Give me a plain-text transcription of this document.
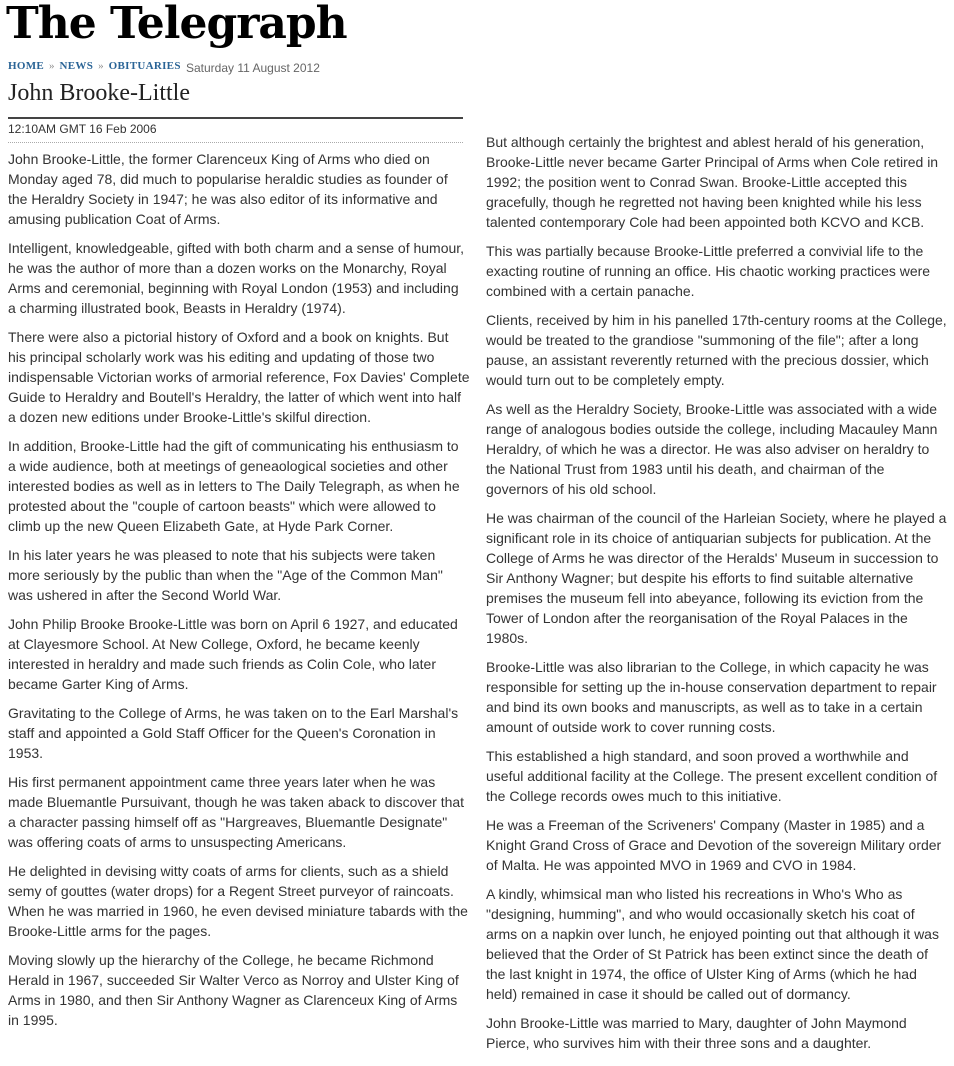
The Telegraph
HOME » NEWS » OBITUARIES Saturday 11 August 2012
John Brooke-Little
12:10AM GMT 16 Feb 2006

John Brooke-Little, the former Clarenceux King of Arms who died on Monday aged 78, did much to popularise heraldic studies as founder of the Heraldry Society in 1947; he was also editor of its informative and amusing publication Coat of Arms.

Intelligent, knowledgeable, gifted with both charm and a sense of humour, he was the author of more than a dozen works on the Monarchy, Royal Arms and ceremonial, beginning with Royal London (1953) and including a charming illustrated book, Beasts in Heraldry (1974).

There were also a pictorial history of Oxford and a book on knights. But his principal scholarly work was his editing and updating of those two indispensable Victorian works of armorial reference, Fox Davies' Complete Guide to Heraldry and Boutell's Heraldry, the latter of which went into half a dozen new editions under Brooke-Little's skilful direction.

In addition, Brooke-Little had the gift of communicating his enthusiasm to a wide audience, both at meetings of geneaological societies and other interested bodies as well as in letters to The Daily Telegraph, as when he protested about the "couple of cartoon beasts" which were allowed to climb up the new Queen Elizabeth Gate, at Hyde Park Corner.

In his later years he was pleased to note that his subjects were taken more seriously by the public than when the "Age of the Common Man" was ushered in after the Second World War.

John Philip Brooke Brooke-Little was born on April 6 1927, and educated at Clayesmore School. At New College, Oxford, he became keenly interested in heraldry and made such friends as Colin Cole, who later became Garter King of Arms.

Gravitating to the College of Arms, he was taken on to the Earl Marshal's staff and appointed a Gold Staff Officer for the Queen's Coronation in 1953.

His first permanent appointment came three years later when he was made Bluemantle Pursuivant, though he was taken aback to discover that a character passing himself off as "Hargreaves, Bluemantle Designate" was offering coats of arms to unsuspecting Americans.

He delighted in devising witty coats of arms for clients, such as a shield semy of gouttes (water drops) for a Regent Street purveyor of raincoats. When he was married in 1960, he even devised miniature tabards with the Brooke-Little arms for the pages.

Moving slowly up the hierarchy of the College, he became Richmond Herald in 1967, succeeded Sir Walter Verco as Norroy and Ulster King of Arms in 1980, and then Sir Anthony Wagner as Clarenceux King of Arms in 1995.

But although certainly the brightest and ablest herald of his generation, Brooke-Little never became Garter Principal of Arms when Cole retired in 1992; the position went to Conrad Swan. Brooke-Little accepted this gracefully, though he regretted not having been knighted while his less talented contemporary Cole had been appointed both KCVO and KCB.

This was partially because Brooke-Little preferred a convivial life to the exacting routine of running an office. His chaotic working practices were combined with a certain panache.

Clients, received by him in his panelled 17th-century rooms at the College, would be treated to the grandiose "summoning of the file"; after a long pause, an assistant reverently returned with the precious dossier, which would turn out to be completely empty.

As well as the Heraldry Society, Brooke-Little was associated with a wide range of analogous bodies outside the college, including Macauley Mann Heraldry, of which he was a director. He was also adviser on heraldry to the National Trust from 1983 until his death, and chairman of the governors of his old school.

He was chairman of the council of the Harleian Society, where he played a significant role in its choice of antiquarian subjects for publication. At the College of Arms he was director of the Heralds' Museum in succession to Sir Anthony Wagner; but despite his efforts to find suitable alternative premises the museum fell into abeyance, following its eviction from the Tower of London after the reorganisation of the Royal Palaces in the 1980s.

Brooke-Little was also librarian to the College, in which capacity he was responsible for setting up the in-house conservation department to repair and bind its own books and manuscripts, as well as to take in a certain amount of outside work to cover running costs.

This established a high standard, and soon proved a worthwhile and useful additional facility at the College. The present excellent condition of the College records owes much to this initiative.

He was a Freeman of the Scriveners' Company (Master in 1985) and a Knight Grand Cross of Grace and Devotion of the sovereign Military order of Malta. He was appointed MVO in 1969 and CVO in 1984.

A kindly, whimsical man who listed his recreations in Who's Who as "designing, humming", and who would occasionally sketch his coat of arms on a napkin over lunch, he enjoyed pointing out that although it was believed that the Order of St Patrick has been extinct since the death of the last knight in 1974, the office of Ulster King of Arms (which he had held) remained in case it should be called out of dormancy.

John Brooke-Little was married to Mary, daughter of John Maymond Pierce, who survives him with their three sons and a daughter.
